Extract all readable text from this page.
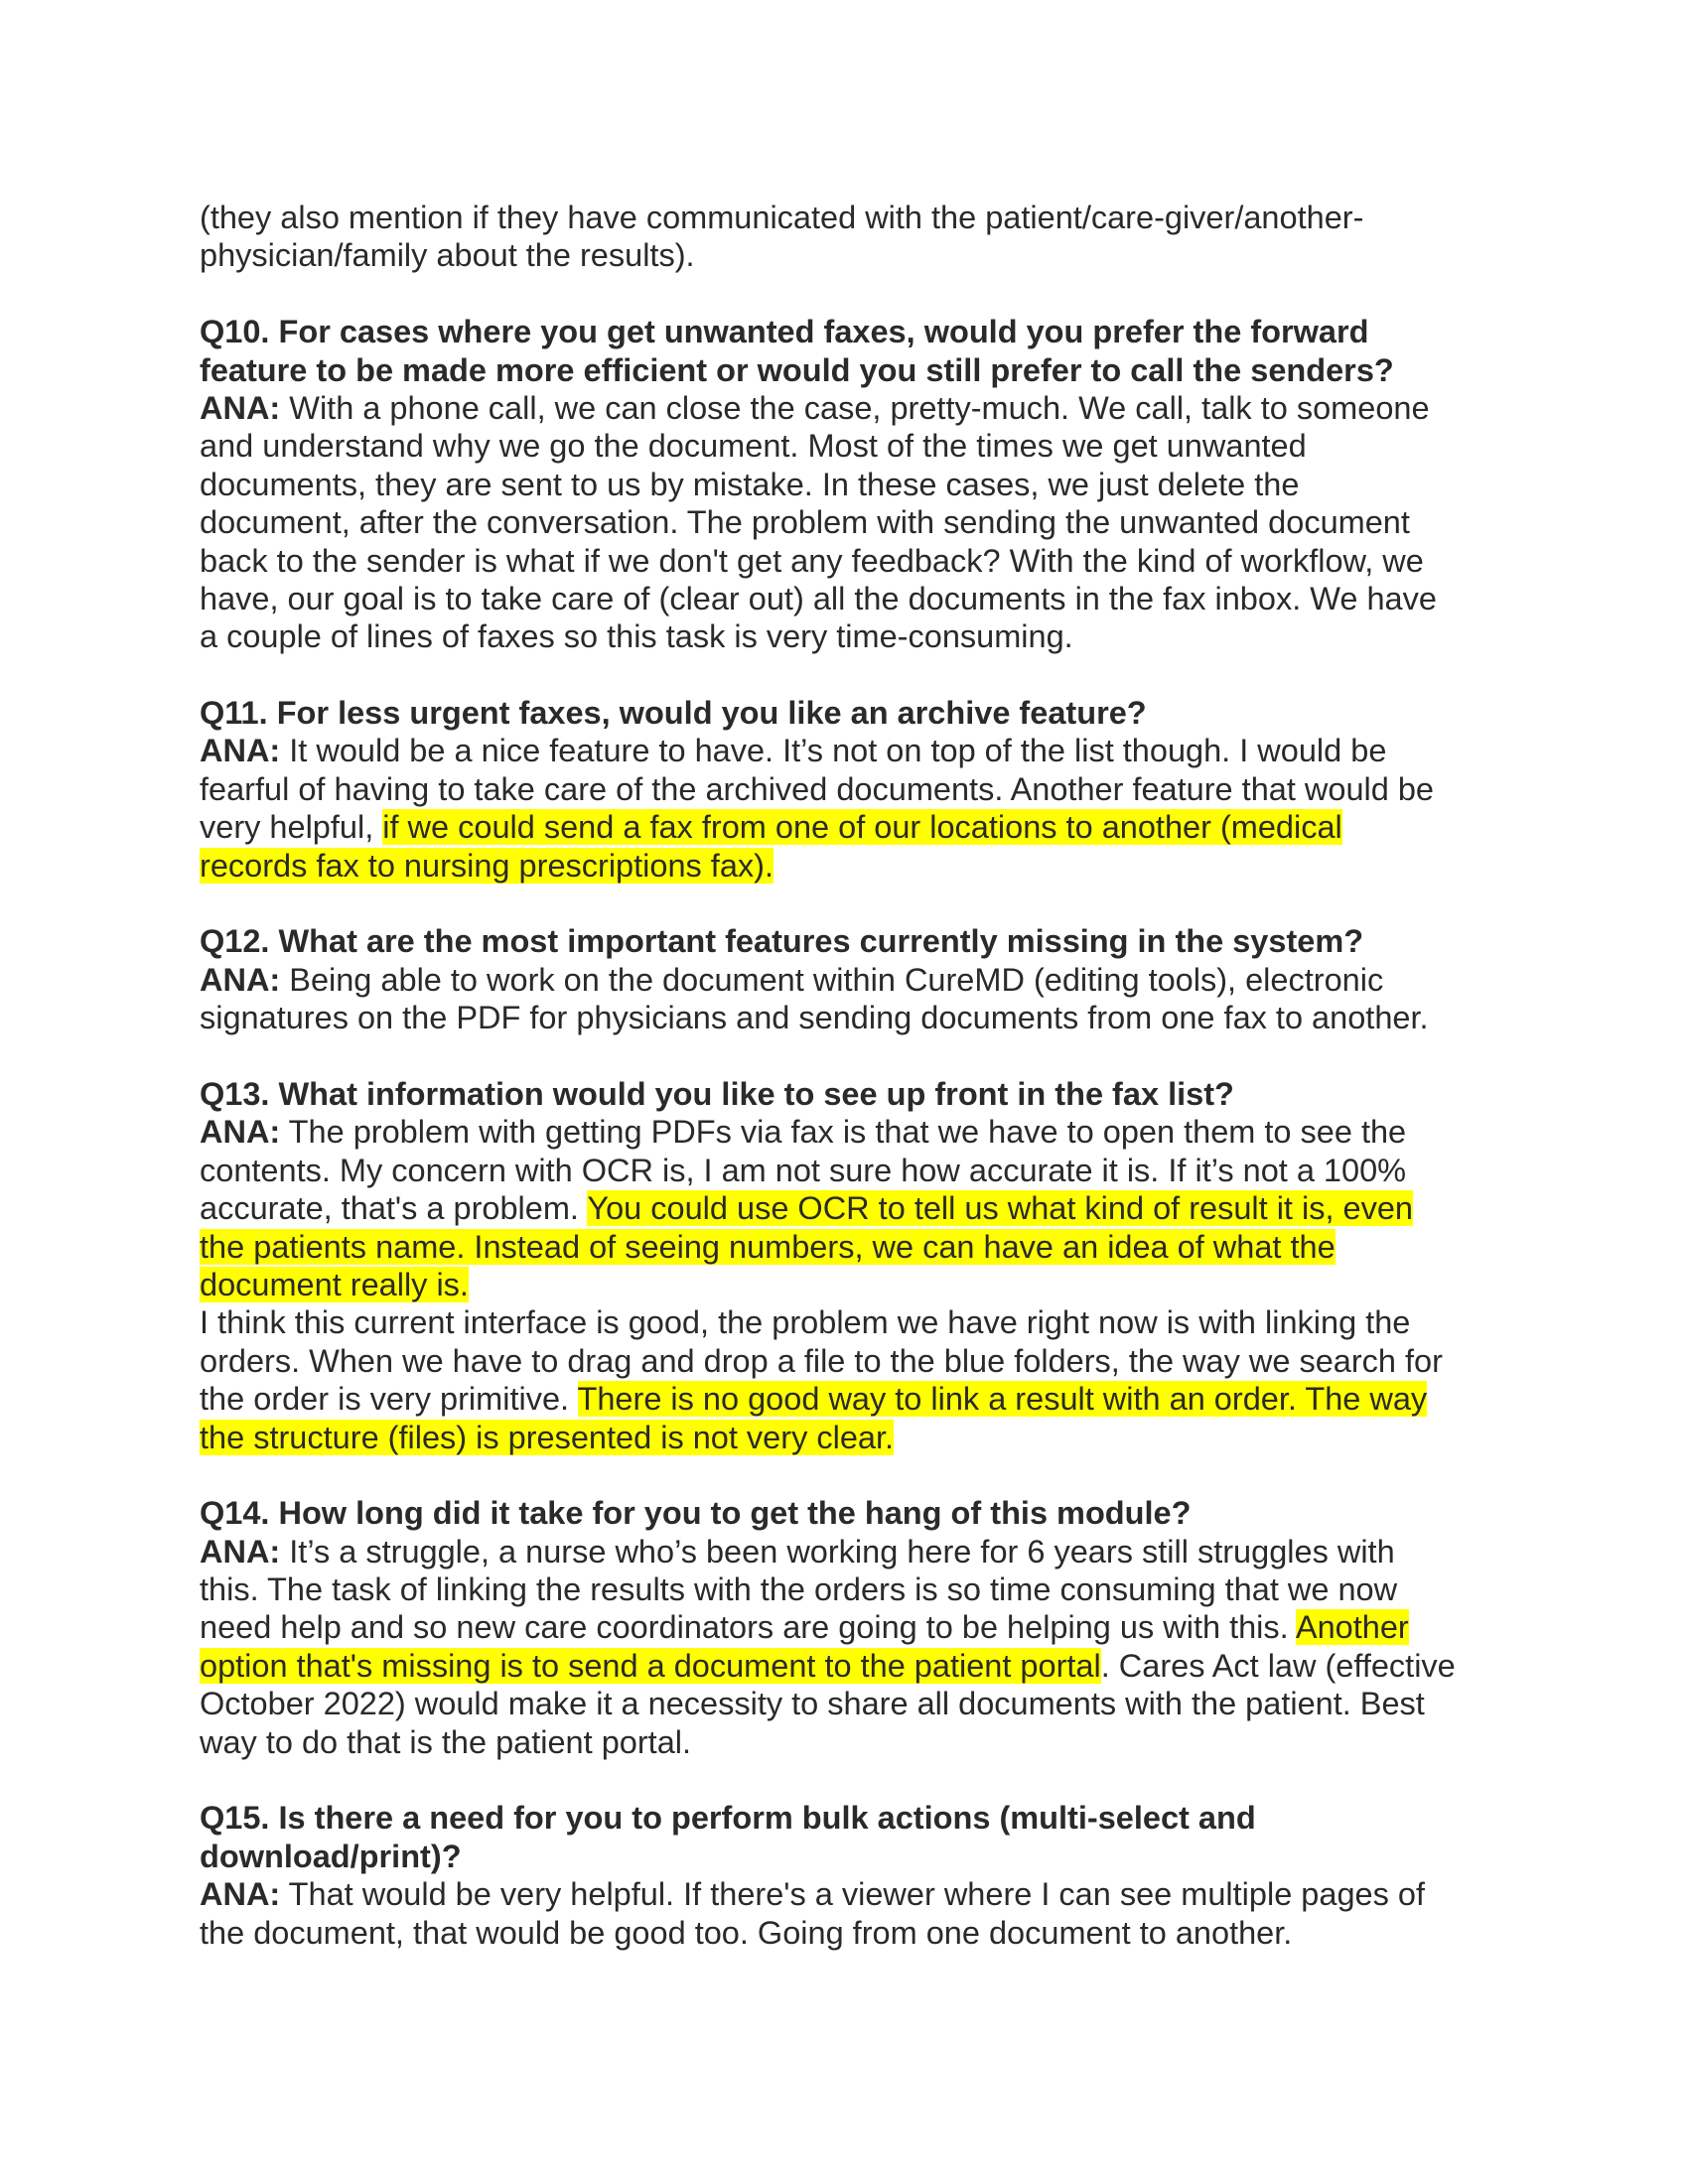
(they also mention if they have communicated with the patient/care-giver/another-
physician/family about the results).
Q10. For cases where you get unwanted faxes, would you prefer the forward
feature to be made more efficient or would you still prefer to call the senders?
ANA: With a phone call, we can close the case, pretty-much. We call, talk to someone
and understand why we go the document. Most of the times we get unwanted
documents, they are sent to us by mistake. In these cases, we just delete the
document, after the conversation. The problem with sending the unwanted document
back to the sender is what if we don't get any feedback? With the kind of workflow, we
have, our goal is to take care of (clear out) all the documents in the fax inbox. We have
a couple of lines of faxes so this task is very time-consuming.
Q11. For less urgent faxes, would you like an archive feature?
ANA: It would be a nice feature to have. It’s not on top of the list though. I would be
fearful of having to take care of the archived documents. Another feature that would be
very helpful, if we could send a fax from one of our locations to another (medical
records fax to nursing prescriptions fax).
Q12. What are the most important features currently missing in the system?
ANA: Being able to work on the document within CureMD (editing tools), electronic
signatures on the PDF for physicians and sending documents from one fax to another.
Q13. What information would you like to see up front in the fax list?
ANA: The problem with getting PDFs via fax is that we have to open them to see the
contents. My concern with OCR is, I am not sure how accurate it is. If it’s not a 100%
accurate, that's a problem. You could use OCR to tell us what kind of result it is, even
the patients name. Instead of seeing numbers, we can have an idea of what the
document really is.
I think this current interface is good, the problem we have right now is with linking the
orders. When we have to drag and drop a file to the blue folders, the way we search for
the order is very primitive. There is no good way to link a result with an order. The way
the structure (files) is presented is not very clear.
Q14. How long did it take for you to get the hang of this module?
ANA: It’s a struggle, a nurse who’s been working here for 6 years still struggles with
this. The task of linking the results with the orders is so time consuming that we now
need help and so new care coordinators are going to be helping us with this. Another
option that's missing is to send a document to the patient portal. Cares Act law (effective
October 2022) would make it a necessity to share all documents with the patient. Best
way to do that is the patient portal.
Q15. Is there a need for you to perform bulk actions (multi-select and
download/print)?
ANA: That would be very helpful. If there's a viewer where I can see multiple pages of
the document, that would be good too. Going from one document to another.
